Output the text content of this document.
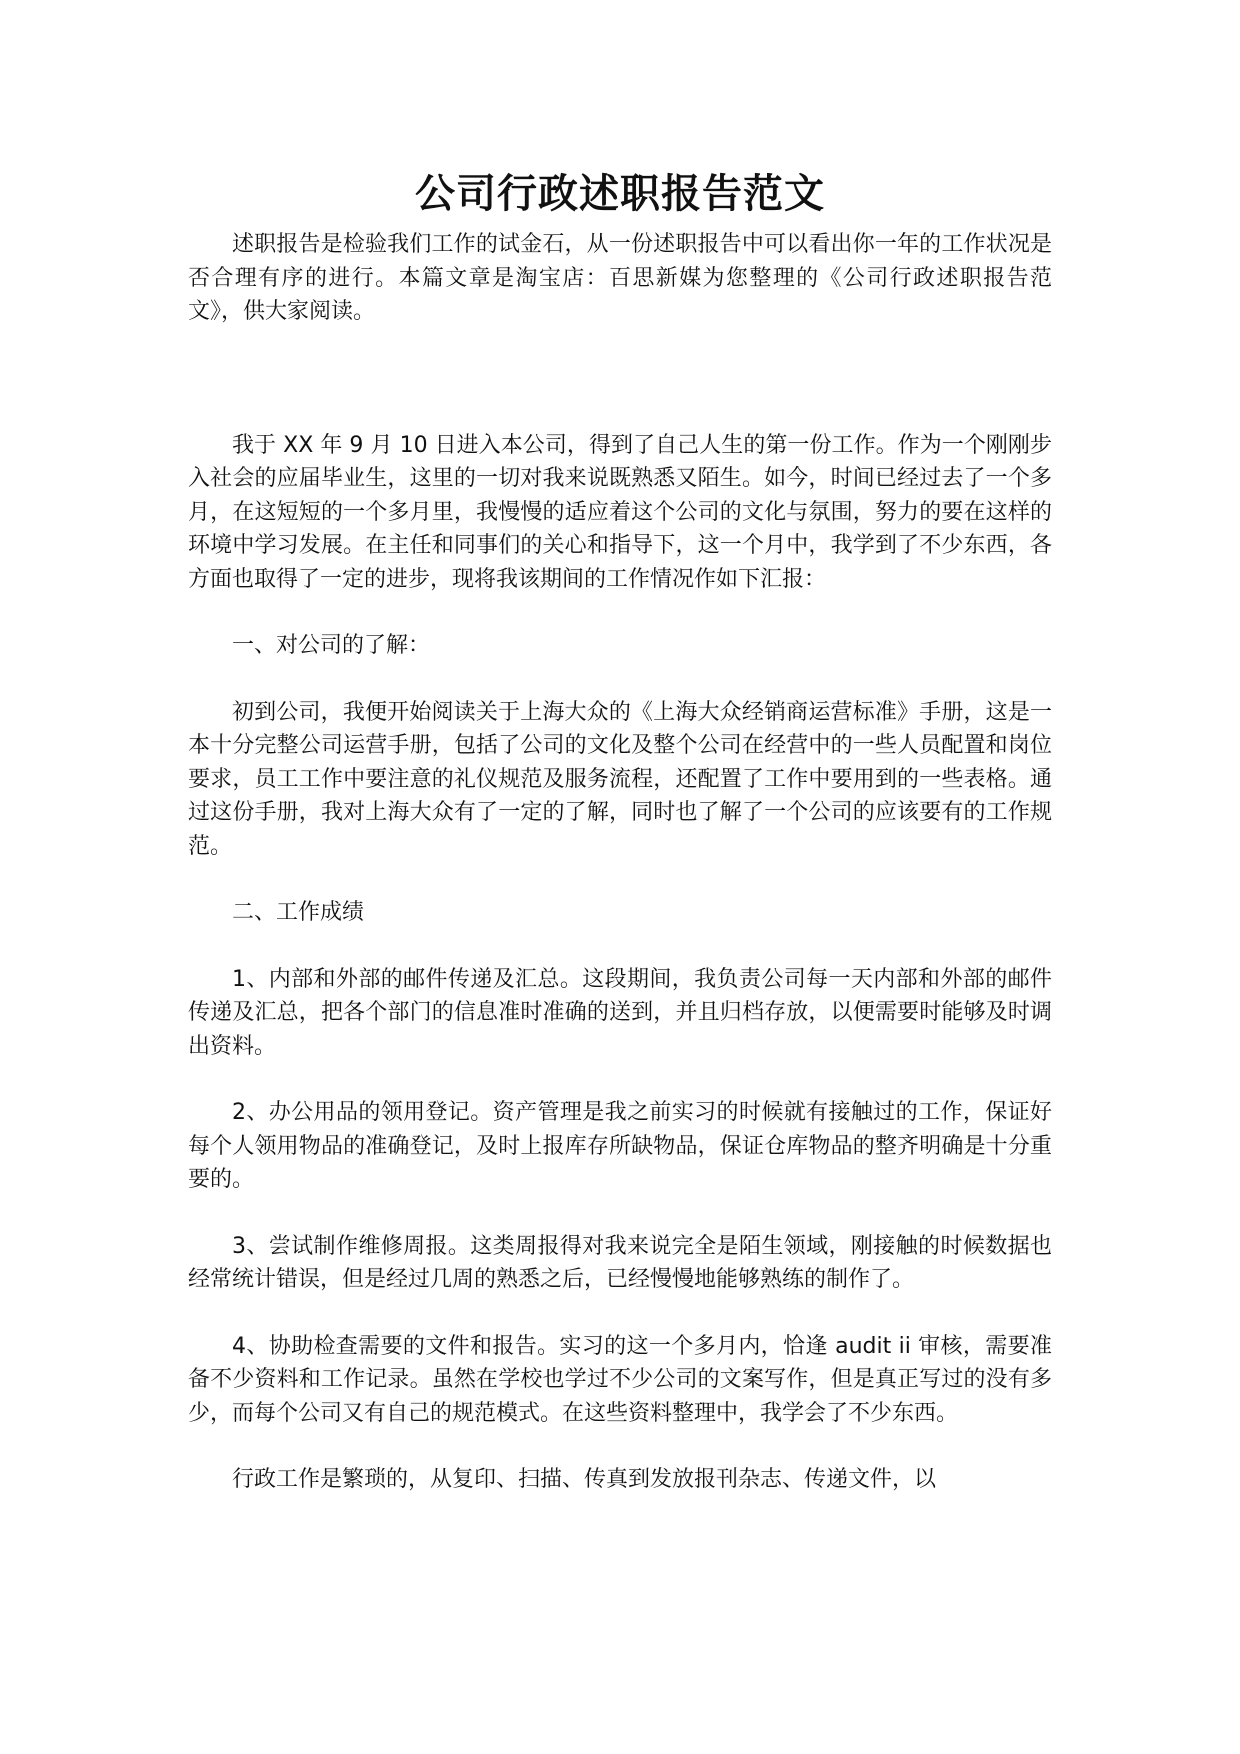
公司行政述职报告范文

述职报告是检验我们工作的试金石，从一份述职报告中可以看出你一年的工作状况是否合理有序的进行。本篇文章是淘宝店：百思新媒为您整理的《公司行政述职报告范文》，供大家阅读。

我于 XX 年 9 月 10 日进入本公司，得到了自己人生的第一份工作。作为一个刚刚步入社会的应届毕业生，这里的一切对我来说既熟悉又陌生。如今，时间已经过去了一个多月，在这短短的一个多月里，我慢慢的适应着这个公司的文化与氛围，努力的要在这样的环境中学习发展。在主任和同事们的关心和指导下，这一个月中，我学到了不少东西，各方面也取得了一定的进步，现将我该期间的工作情况作如下汇报：

一、对公司的了解：

初到公司，我便开始阅读关于上海大众的《上海大众经销商运营标准》手册，这是一本十分完整公司运营手册，包括了公司的文化及整个公司在经营中的一些人员配置和岗位要求，员工工作中要注意的礼仪规范及服务流程，还配置了工作中要用到的一些表格。通过这份手册，我对上海大众有了一定的了解，同时也了解了一个公司的应该要有的工作规范。

二、工作成绩

1、内部和外部的邮件传递及汇总。这段期间，我负责公司每一天内部和外部的邮件传递及汇总，把各个部门的信息准时准确的送到，并且归档存放，以便需要时能够及时调出资料。

2、办公用品的领用登记。资产管理是我之前实习的时候就有接触过的工作，保证好每个人领用物品的准确登记，及时上报库存所缺物品，保证仓库物品的整齐明确是十分重要的。

3、尝试制作维修周报。这类周报得对我来说完全是陌生领域，刚接触的时候数据也经常统计错误，但是经过几周的熟悉之后，已经慢慢地能够熟练的制作了。

4、协助检查需要的文件和报告。实习的这一个多月内，恰逢 audit ii 审核，需要准备不少资料和工作记录。虽然在学校也学过不少公司的文案写作，但是真正写过的没有多少，而每个公司又有自己的规范模式。在这些资料整理中，我学会了不少东西。

行政工作是繁琐的，从复印、扫描、传真到发放报刊杂志、传递文件，以
